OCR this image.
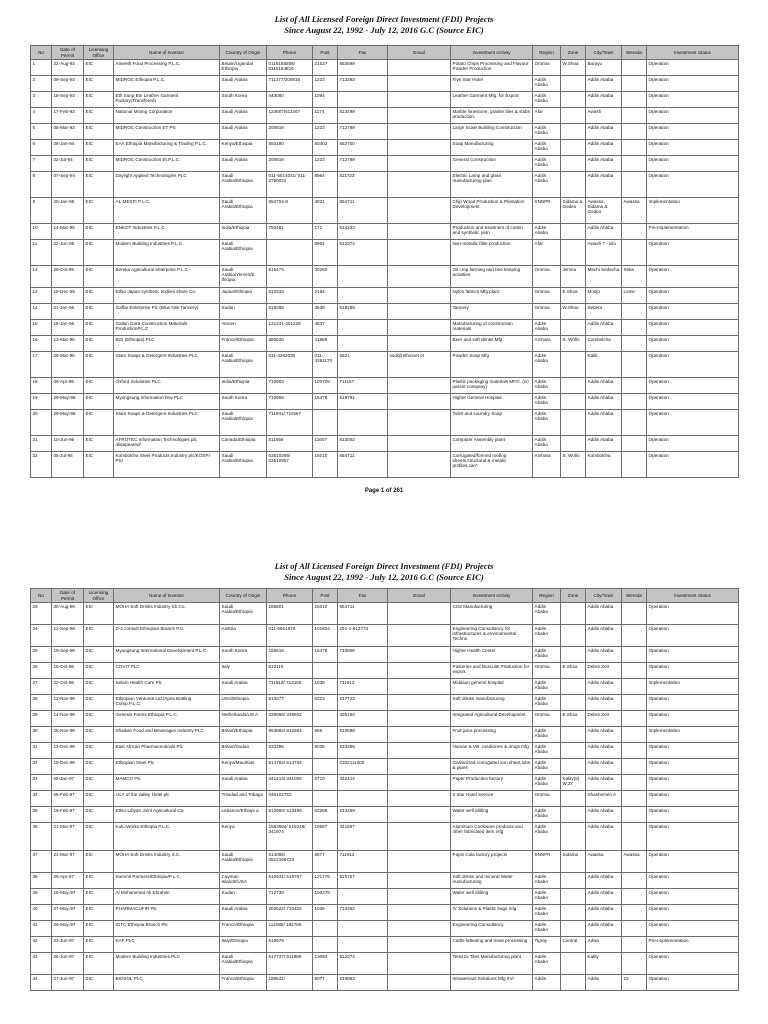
List of All Licensed Foreign Direct Investment (FDI) Projects
Since August 22, 1992 - July 12, 2016 G.C (Source EIC)
No	Date of Permit	Licensing Office	Name of Investor	Country of Origin	Phone	Post	Fax	Email	Investment Activity	Region	Zone	City/Town	Wereda	Investment Status
1	22-Aug-92	EIC	Ameeth Food Processing P.L.C.	Britain/Uganda/ Ethiopia	0115155806/ 0115154816	21637	552699		Potato Chips Processing and Flavour Powder Production	Oromia	W.Shoa	Burayu		Operation
2	09-Sep-92	EIC	MIDROC Ethiopia P.L.C.	Saudi Arabia	711277/200816	1223	713393		Five Star Hotel	Addis Ababa		Addis Ababa		Operation
3	18-Sep-92	EIC	Eth Sung Bin Leather Garment Factory(Transfered)	South Korea	443060	1094			Leather Garment Mfg. for Export	Addis Ababa		Addis Ababa		Operation
4	17-Feb-93	EIC	National Mining Corporation	Saudi Arabia	123607/611467	1174	513499		Marble limestone, granite tiles & slabs production.	Afar		Awash		Operation
5	05-Mar-93	EIC	MIDROC Construction ET Plc	Saudi Arabia	200816	1223	712799		Large Scale Building Construction	Addis Ababa		Addis Ababa		Operation
6	28-Jan-94	EIC	EAA Ethiopia Manufacturing & Trading P.L.C.	Kenya/Ethiopia	553190	50402	552700		Soap Manufacturing	Addis Ababa		Addis Ababa		Operation
7	22-Jul-94	EIC	MIDROC Construction Et.P.L.C.	Saudi Arabia	200816	1223	712799		General Construction	Addis Ababa		Addis Ababa		Operation
8	07-Sep-94	EIC	Daylight Applied Technologies PLC	Saudi Arabia/Ethiopia	011-5514041/ 011-2780022	8964	511723		Electric Lamp and glass manufacturing plan	Addis Ababa		Addis Ababa		Operation
9	20-Jan-95	EIC	AL-MESFI P.L.C.	Saudi Arabia/Ethiopia	654704-8	4021	654711		Chip Wood Production & Plantation Development	SNNPR	Sidama & Gedeo	Awassa, Sidama & Gedeo	Awassa	Implementation
10	14-Mar-95	EIC	ENKOT Industries P.L.C	India/Ethiopia	750481	171	514233		Production and treatment of cotton and synthetic yarn	Addis Ababa		Addis Ababa		Pre-Implementation
11	22-Jun-95	EIC	Modern Building Industries P.L.C	Saudi Arabia/Ethiopia		8964	512374		Non-metallic filler production	Afar		Awash 7 - kilo		Operation
12	29-Oct-95	EIC	Bereka Agricultural enterprise P.L.C	Saudi Arabia/Yemen/E thiopia	516474	30260			Oil crop farming and bee keeping activities	Oromia	Jimma	Mechi Sedecha	Seka	Operation
13	18-Dec-95	EIC	Ethio-Japan synthetic textiles share Co.	Japan/Ethiopia	513333	2184			Nylon fabrics Mfg plant	Oromia	E.Shoa	Modjo	Lome	Operation
14	01-Jan-96	EIC	Gaffar Enterprise Plc (Blue Nile Tannery)	Sudan	518288	3539	518288		Tannery	Oromia	W.Shoa	Sebeta		Operation
15	18-Jan-96	EIC	Gallan Gora Construction Materials ProductionP.L.C	Yemen	121231-201228	4837			Manufacturing of construction materials	Addis Ababa		Addis Ababa		Operation
16	13-Mar-96	EIC	BGI (Ethiopia) PLC	France/Ethiopia	650520	41866			Beer and soft drinks Mfg	Amhara	S. Wollo	Combolcha		Operation
17	26-Mar-96	EIC	Stars Soaps & Detergent Industries PLC	Saudi Arabia/Ethiopia	011-4392036	011-4391170	5521	sodi@ethionet.et	Powder Soap Mfg	Addis Ababa		Kaliti		Operation
18	09-Apr-96	EIC	Oxford Industries PLC	India/Ethiopia	710903	100725	711157		Plastic packaging materials MFG. (no parent company)	Addis Ababa		Addis Ababa		Operation
19	29-May-96	EIC	Myungsung Information Dev.PLC	South Korea	710908	15478	518791		Higher General Hospital	Addis Ababa		Addis Ababa		Operation
20	29-May-96	EIC	Stars Soaps & Detergent Industries PLC	Saudi Arabia/Ethiopia	711941/ 711587				Toilet and Laundry Soap	Addis Ababa		Addis Ababa		Operation
21	10-Jun-96	EIC	AFROTEC Information Technologies plc /disapeared/	Canada/Ethiopia	611656	11607	613002		Computer Assembly plant	Addis Ababa		Addis Ababa		Operation
22	05-Jul-96	EIC	Kombolcha Steel Products Industry plc/KOSPI Plc/	Saudi Arabia/Ethiopia	03510285/ 03510957	16010	654711		Corrugated/formed roofing sheets,structural & metalic profiles,can*	Amhara	S. Wollo	Kombolcha		Operation
Page 1 of 261
List of All Licensed Foreign Direct Investment (FDI) Projects
Since August 22, 1992 - July 12, 2016 G.C (Source EIC)
No	Date of Permit	Licensing Office	Name of Investor	Country of Origin	Phone	Post	Fax	Email	Investment Activity	Region	Zone	City/Town	Wereda	Investment Status
23	30-Aug-96	EIC	MOHA Soft Drinks Industry Sh.Co.	Saudi Arabia/Ethiopia	166801	16010	654711		CO2 Manufacturing	Addis Ababa		Addis Ababa		Operation
24	12-Sep-96	EIC	D-2 consult Ethiopian Branch P.C	Austria	011-6661876	101824	251-1-612773		Engineering Consultancy for infrastructures & environmental Techno	Addis Ababa		Addis Ababa		Operation
25	19-Sep-96	EIC	Myungsung International Development P.L.C.	South Korea	156616	15478	710908		Higher Health Center	Addis Ababa		Addis Ababa		Operation
26	15-Oct-96	EIC	COVIT PLC	Italy	610116				Pasteries and Buscuits Production for export.	Oromia	E.Shoa	Debre Zeit		Operation
27	22-Oct-96	EIC	Selam Health Care Plc	Saudi Arabia	711919/ 713155	1038	711912		Middium general hospital	Addis Ababa		Addis Ababa		Implementation
28	12-Nov-96	EIC	Ethiopian Ventures Ltd./Apex Bottling Comp.P.L.C.	USA/Ethiopia	513277	6223	517722		Soft drinks manufacturing	Addis Ababa		Addis Ababa		Operation
29	14-Nov-96	EIC	Genesis Farms Ethiopia P.L.C.	Netherlands/US A	339966/ 339502		339180		Integrated Agricultural Development	Oromia	E.Shoa	Debre Zeit		Operation
30	25-Nov-96	EIC	Shalkan Food and Beverages Industry PLC	Britain/Ethiopia	653882/ 612354	655	610588		Fruit juice processing	Addis Ababa		Addis Ababa		Implementation
31	13-Dec-96	EIC	East African Pharmaceuticals Plc	Britain/Sudan	533395	8036	533395		Human & Vet. medicines & drugs mfg	Addis Ababa		Addis Ababa		Operation
32	19-Dec-96	EIC	Ethiopian Steel Plc	Kenya/Mauritius	514752/ 514754		2302111000		Galvanized corrugated iron sheet,tube & pipes	Addis Ababa		Addis Ababa		Operation
33	05-Jan-97	EIC	MAMCO Plc	Saudi Arabia	341413/ 341009	5710	342414		Paper Production factory	Addis Ababa	Kality(6) W.27	Addis Ababa		Operation
34	05-Feb-97	EIC	LILY of the valley Hotel plc	Trinidad and Tobago	046102752				3 Star Hotel Service	Oromia		Shashemen e		Operation
35	18-Feb-97	EIC	Ethio-Libyan Joint Agricultural Co.	Lebanon/Ethiopi a	512900/ 513499	62288	513499		Water well drilling	Addis Ababa		Addis Ababa		Operation
36	21-Mar-97	EIC	Kulu-Works Ethiopia P.L.C.	Kenya	1583994/ 519248/ 341974	19687	341567		Aluminum Cookware products and other fabricated item mfg	Addis Ababa		Addis Ababa		Operation
37	21-Mar-97	EIC	MOHA Soft Drinks Industry S.C.	Saudi Arabia/Ethiopia	614055/ 0912169723	6677	711912		Papsi Cola factory projects	SNNPR	Sidama	Awassa	Awassa	Operation
38	26-Apr-97	EIC	Summit Partners/Ethiopia/P.L.C.	Cayman Islands/USA	510931/ 519767	121776	519767		Soft drinks and mineral Water manufacturing	Addis Ababa		Addis Ababa		Operation
39	15-May-97	EIC	Al Mohammed Ali Ebrahim	Sudan	712730	100378			Water well drilling	Addis Ababa		Addis Ababa		Operation
40	27-May-97	EIC	PHARMACUFIR Plc	Saudi Arabia	202522/ 710422	1038	710352		IV Solutions & Plastic bags mfg	Addis Ababa		Addis Ababa		Operation
41	29-May-97	EIC	IGTC Ethiopia Branch Plc	France/Ethiopia	112088/ 182786				Engineering Consultancy	Addis Ababa		Addis Ababa		Operation
42	23-Jun-97	EIC	KAF PLC	Italy/Ethiopia	516979				Cattle fattening and meat processing	Tigray	Central	Adwa		Pre-Implementation
43	26-Jun-97	EIC	Modern Building Industries PLC	Saudi Arabia/Ethiopia	517737/ 511989	13093	512374		Terazzo Tiles Manufacturing plant	Addis Ababa		Kality		Operation
44	27-Jun-97	EIC	BIOSOL PLC	France/Ethiopia	188541/	8077	519863		Intravenous Solutions Mfg /IV/	Addis		Addis	23	Operation
